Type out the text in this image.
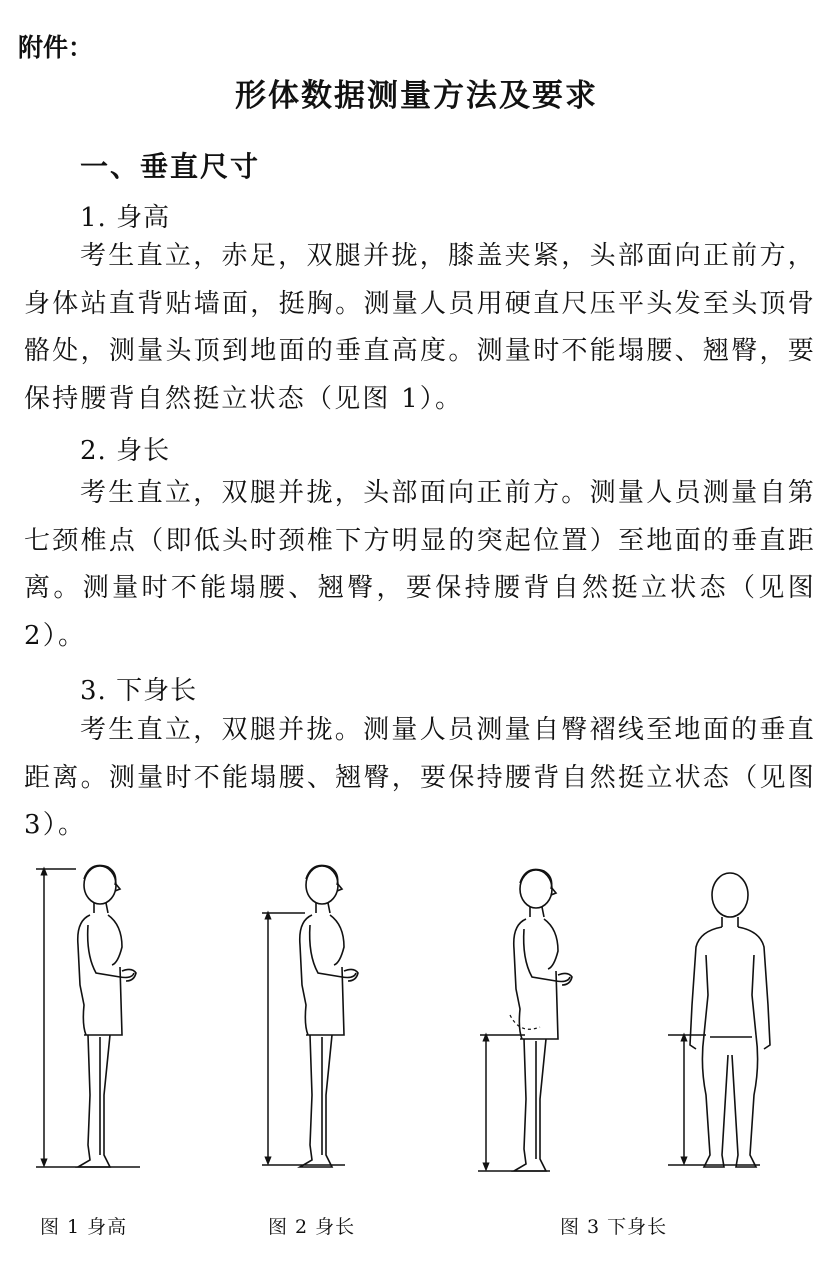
附件：
形体数据测量方法及要求
一、垂直尺寸
1. 身高

考生直立，赤足，双腿并拢，膝盖夹紧，头部面向正前方，身体站直背贴墙面，挺胸。测量人员用硬直尺压平头发至头顶骨骼处，测量头顶到地面的垂直高度。测量时不能塌腰、翘臀，要保持腰背自然挺立状态（见图 1）。

2. 身长

考生直立，双腿并拢，头部面向正前方。测量人员测量自第七颈椎点（即低头时颈椎下方明显的突起位置）至地面的垂直距离。测量时不能塌腰、翘臀，要保持腰背自然挺立状态（见图 2）。

3. 下身长

考生直立，双腿并拢。测量人员测量自臀褶线至地面的垂直距离。测量时不能塌腰、翘臀，要保持腰背自然挺立状态（见图 3）。

图 1 身高	图 2 身长	图 3 下身长
